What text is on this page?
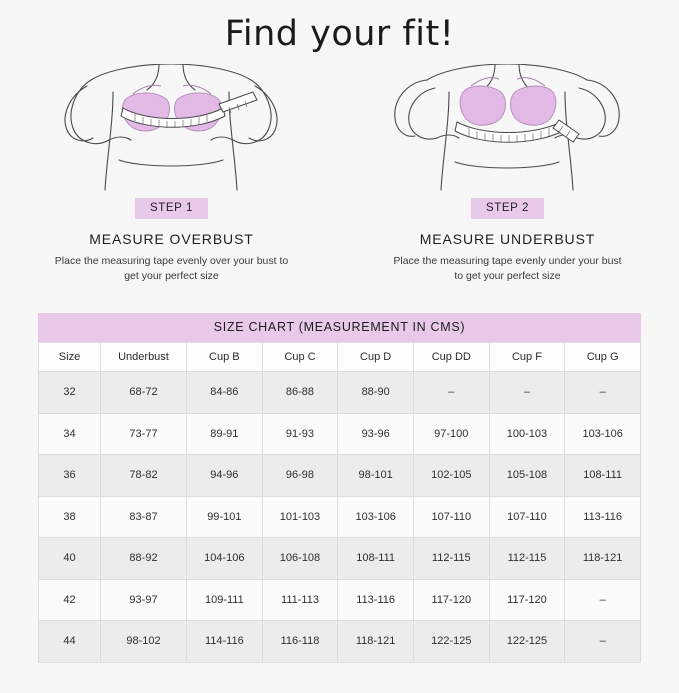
Find your fit!
STEP 1
MEASURE OVERBUST
Place the measuring tape evenly over your bust to get your perfect size
STEP 2
MEASURE UNDERBUST
Place the measuring tape evenly under your bust to get your perfect size
SIZE CHART (MEASUREMENT IN CMS)
Size	Underbust	Cup B	Cup C	Cup D	Cup DD	Cup F	Cup G
32	68-72	84-86	86-88	88-90	–	–	–
34	73-77	89-91	91-93	93-96	97-100	100-103	103-106
36	78-82	94-96	96-98	98-101	102-105	105-108	108-111
38	83-87	99-101	101-103	103-106	107-110	107-110	113-116
40	88-92	104-106	106-108	108-111	112-115	112-115	118-121
42	93-97	109-111	111-113	113-116	117-120	117-120	–
44	98-102	114-116	116-118	118-121	122-125	122-125	–
